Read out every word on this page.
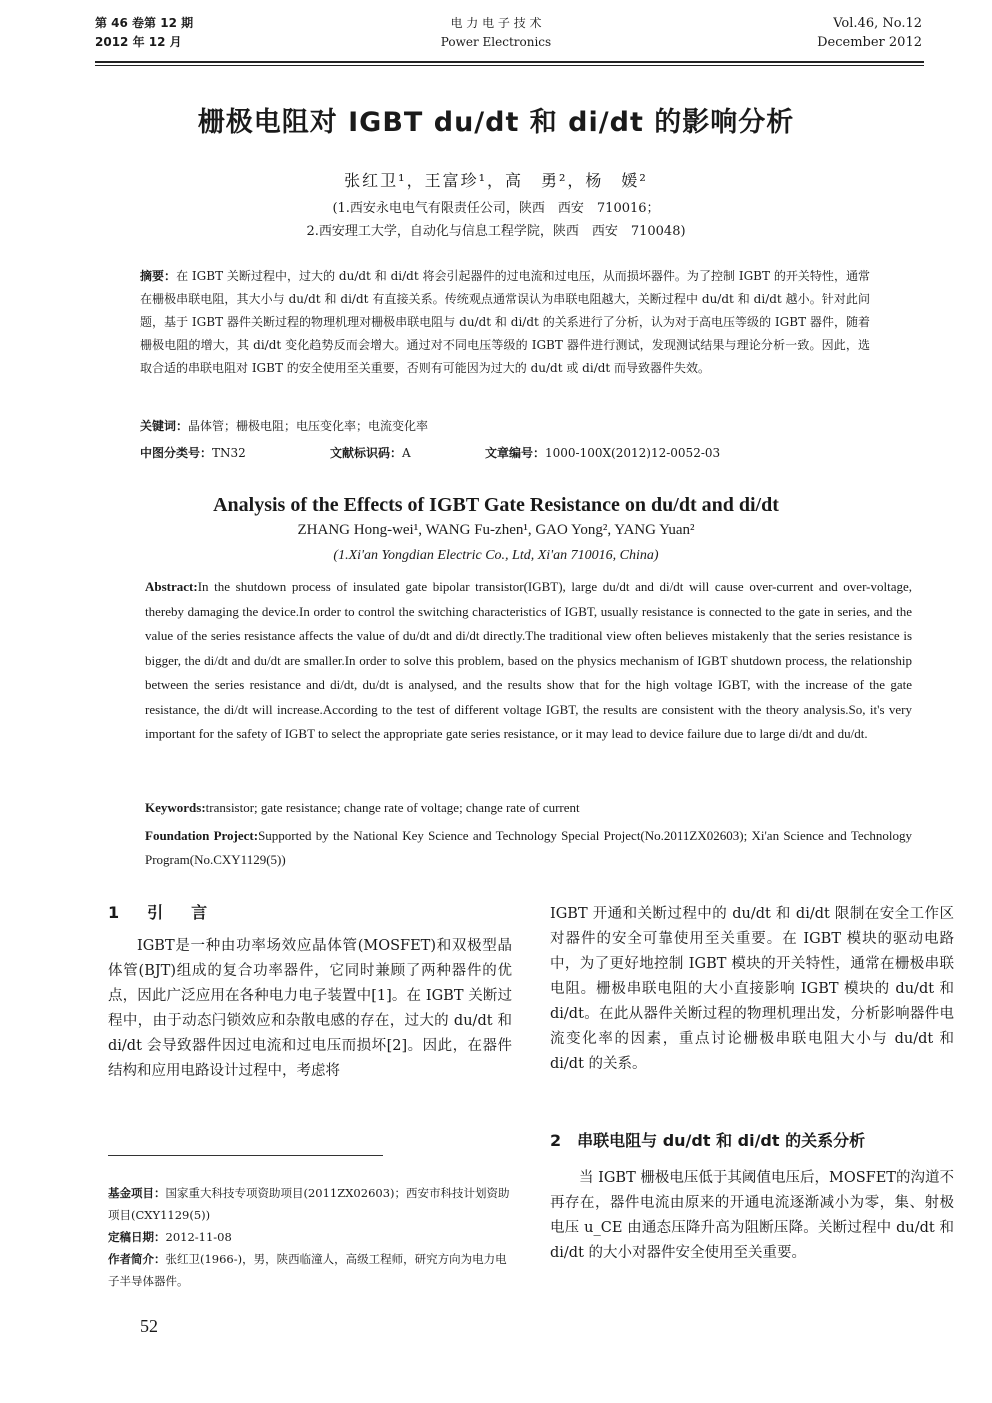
第 46 卷第 12 期
2012 年 12 月
电 力 电 子 技 术
Power Electronics
Vol.46, No.12
December 2012
栅极电阻对 IGBT du/dt 和 di/dt 的影响分析
张红卫¹，王富珍¹，高　勇²，杨　媛²
(1.西安永电电气有限责任公司，陕西　西安　710016；
2.西安理工大学，自动化与信息工程学院，陕西　西安　710048)
摘要：在 IGBT 关断过程中，过大的 du/dt 和 di/dt 将会引起器件的过电流和过电压，从而损坏器件。为了控制 IGBT 的开关特性，通常在栅极串联电阻，其大小与 du/dt 和 di/dt 有直接关系。传统观点通常误认为串联电阻越大，关断过程中 du/dt 和 di/dt 越小。针对此问题，基于 IGBT 器件关断过程的物理机理对栅极串联电阻与 du/dt 和 di/dt 的关系进行了分析，认为对于高电压等级的 IGBT 器件，随着栅极电阻的增大，其 di/dt 变化趋势反而会增大。通过对不同电压等级的 IGBT 器件进行测试，发现测试结果与理论分析一致。因此，选取合适的串联电阻对 IGBT 的安全使用至关重要，否则有可能因为过大的 du/dt 或 di/dt 而导致器件失效。
关键词：晶体管；栅极电阻；电压变化率；电流变化率
中图分类号：TN32	文献标识码：A	文章编号：1000-100X(2012)12-0052-03
Analysis of the Effects of IGBT Gate Resistance on du/dt and di/dt
ZHANG Hong-wei¹, WANG Fu-zhen¹, GAO Yong², YANG Yuan²
(1.Xi'an Yongdian Electric Co., Ltd, Xi'an 710016, China)
Abstract:In the shutdown process of insulated gate bipolar transistor(IGBT), large du/dt and di/dt will cause over-current and over-voltage, thereby damaging the device.In order to control the switching characteristics of IGBT, usually resistance is connected to the gate in series, and the value of the series resistance affects the value of du/dt and di/dt directly.The traditional view often believes mistakenly that the series resistance is bigger, the di/dt and du/dt are smaller.In order to solve this problem, based on the physics mechanism of IGBT shutdown process, the relationship between the series resistance and di/dt, du/dt is analysed, and the results show that for the high voltage IGBT, with the increase of the gate resistance, the di/dt will increase.According to the test of different voltage IGBT, the results are consistent with the theory analysis.So, it's very important for the safety of IGBT to select the appropriate gate series resistance, or it may lead to device failure due to large di/dt and du/dt.
Keywords:transistor; gate resistance; change rate of voltage; change rate of current
Foundation Project:Supported by the National Key Science and Technology Special Project(No.2011ZX02603); Xi'an Science and Technology Program(No.CXY1129(5))
1　引　言
IGBT是一种由功率场效应晶体管(MOSFET)和双极型晶体管(BJT)组成的复合功率器件，它同时兼顾了两种器件的优点，因此广泛应用在各种电力电子装置中[1]。在 IGBT 关断过程中，由于动态闩锁效应和杂散电感的存在，过大的 du/dt 和 di/dt 会导致器件因过电流和过电压而损坏[2]。因此，在器件结构和应用电路设计过程中，考虑将
IGBT 开通和关断过程中的 du/dt 和 di/dt 限制在安全工作区对器件的安全可靠使用至关重要。在 IGBT 模块的驱动电路中，为了更好地控制 IGBT 模块的开关特性，通常在栅极串联电阻。栅极串联电阻的大小直接影响 IGBT 模块的 du/dt 和 di/dt。在此从器件关断过程的物理机理出发，分析影响器件电流变化率的因素，重点讨论栅极串联电阻大小与 du/dt 和 di/dt 的关系。
2　串联电阻与 du/dt 和 di/dt 的关系分析
当 IGBT 栅极电压低于其阈值电压后，MOSFET的沟道不再存在，器件电流由原来的开通电流逐渐减小为零，集、射极电压 u_CE 由通态压降升高为阻断压降。关断过程中 du/dt 和 di/dt 的大小对器件安全使用至关重要。
基金项目：国家重大科技专项资助项目(2011ZX02603)；西安市科技计划资助项目(CXY1129(5))
定稿日期：2012-11-08
作者简介：张红卫(1966-)，男，陕西临潼人，高级工程师，研究方向为电力电子半导体器件。
52
